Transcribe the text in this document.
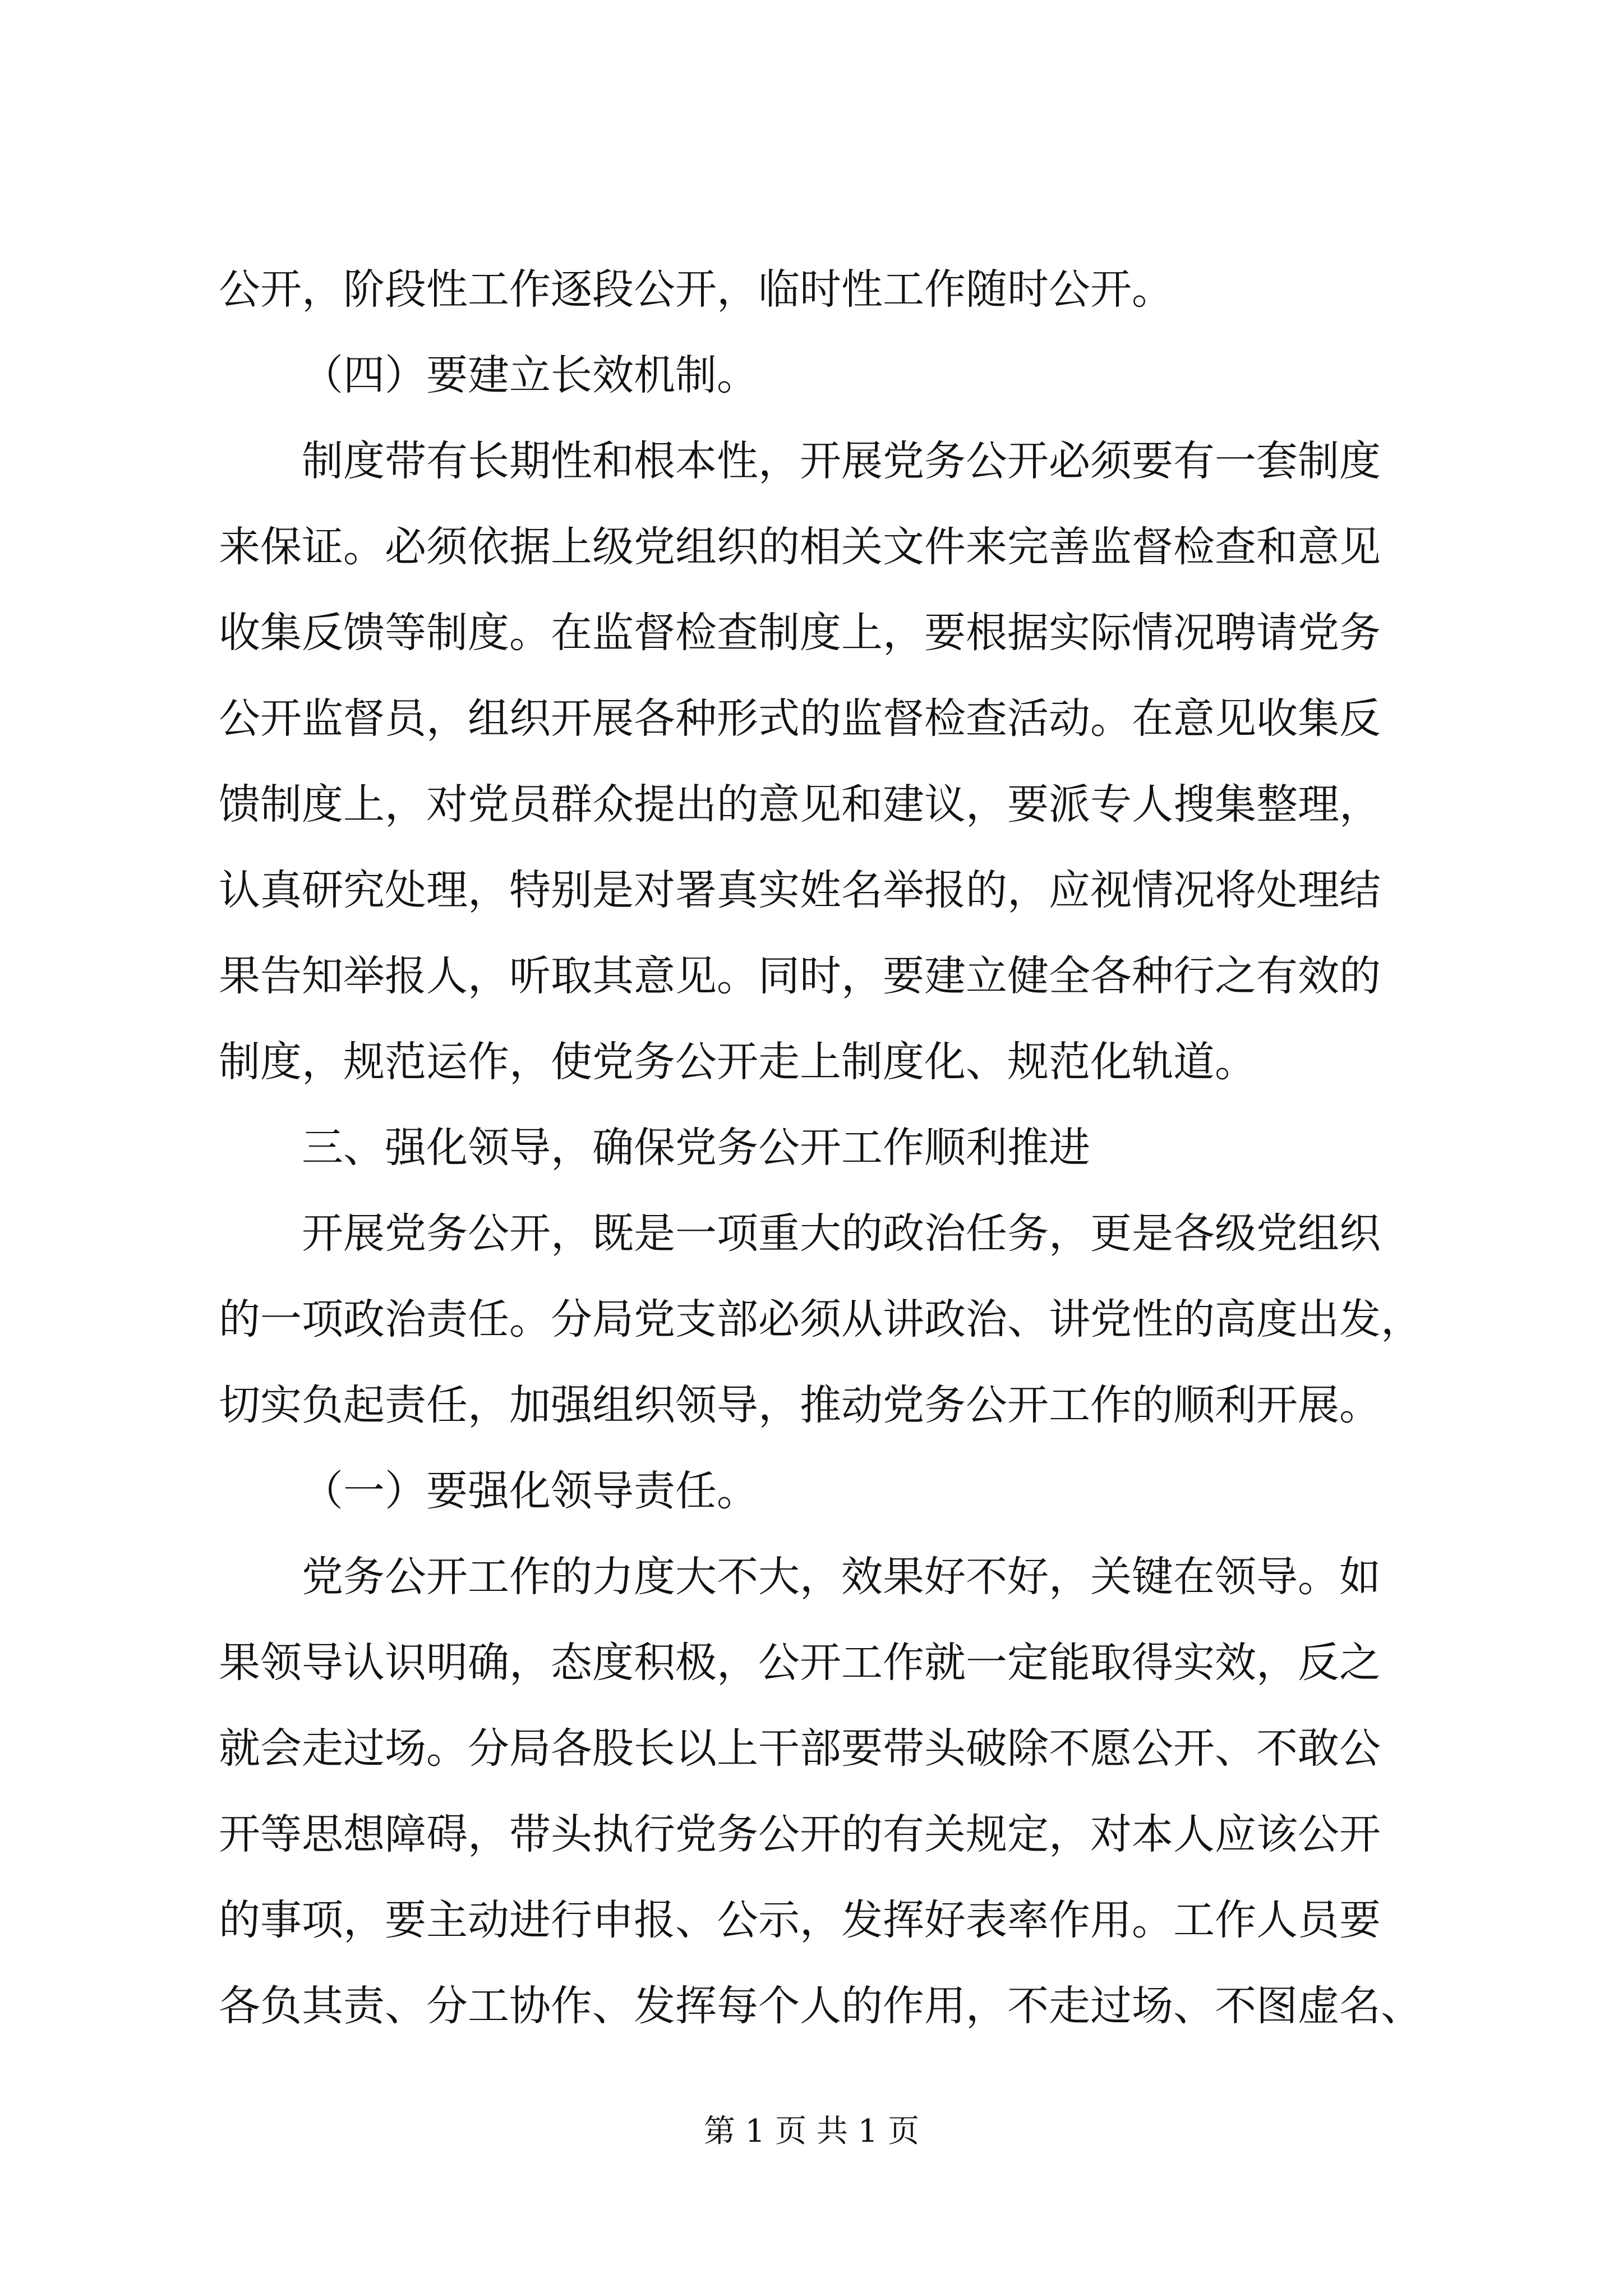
公开，阶段性工作逐段公开，临时性工作随时公开。
（四）要建立长效机制。
　　制度带有长期性和根本性，开展党务公开必须要有一套制度
来保证。必须依据上级党组织的相关文件来完善监督检查和意见
收集反馈等制度。在监督检查制度上，要根据实际情况聘请党务
公开监督员，组织开展各种形式的监督检查活动。在意见收集反
馈制度上，对党员群众提出的意见和建议，要派专人搜集整理，
认真研究处理，特别是对署真实姓名举报的，应视情况将处理结
果告知举报人，听取其意见。同时，要建立健全各种行之有效的
制度，规范运作，使党务公开走上制度化、规范化轨道。
　　三、强化领导，确保党务公开工作顺利推进
　　开展党务公开，既是一项重大的政治任务，更是各级党组织
的一项政治责任。分局党支部必须从讲政治、讲党性的高度出发，
切实负起责任，加强组织领导，推动党务公开工作的顺利开展。
（一）要强化领导责任。
　　党务公开工作的力度大不大，效果好不好，关键在领导。如
果领导认识明确，态度积极，公开工作就一定能取得实效，反之
就会走过场。分局各股长以上干部要带头破除不愿公开、不敢公
开等思想障碍，带头执行党务公开的有关规定，对本人应该公开
的事项，要主动进行申报、公示，发挥好表率作用。工作人员要
各负其责、分工协作、发挥每个人的作用，不走过场、不图虚名、
第 1 页 共 1 页
